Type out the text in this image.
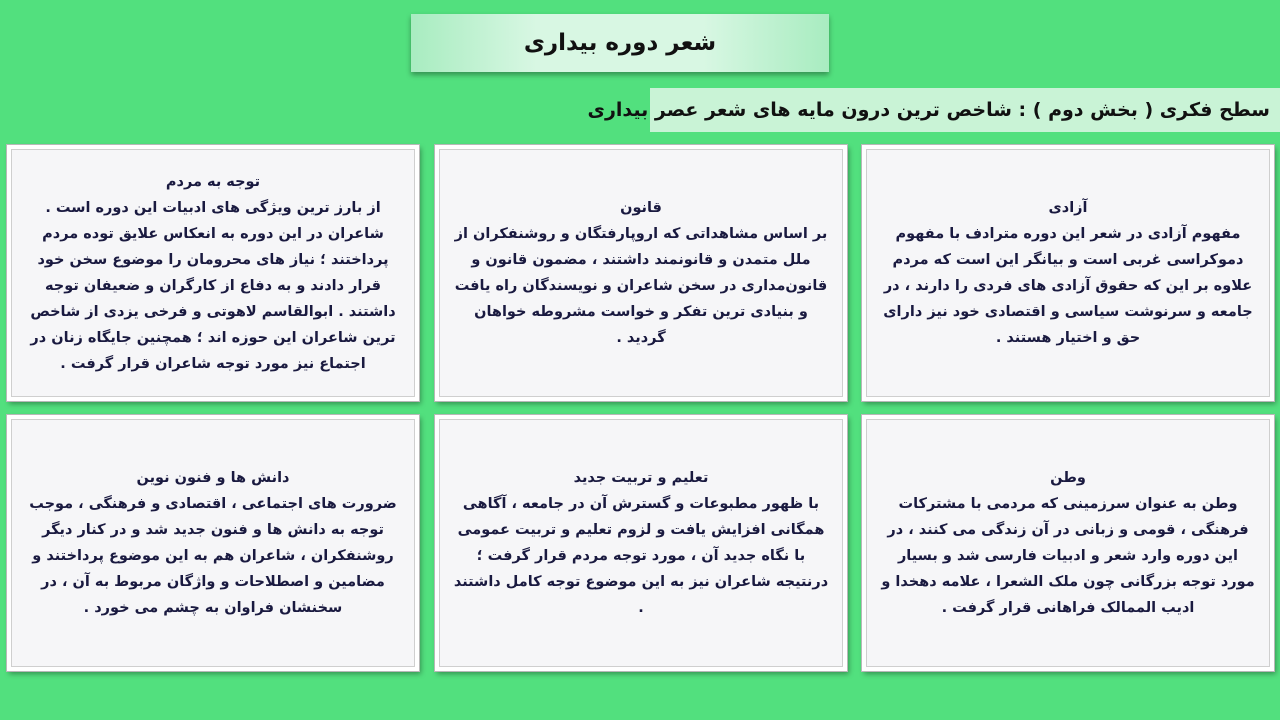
شعر دوره بیداری
سطح فکری ( بخش دوم ) : شاخص ترین درون مایه های شعر عصر بیداری

آزادی

مفهوم آزادی در شعر این دوره مترادف با مفهوم دموکراسی غربی است و بیانگر این است که مردم علاوه بر این که حقوق آزادی های فردی را دارند ، در جامعه و سرنوشت سیاسی و اقتصادی خود نیز دارای حق و اختیار هستند .

قانون

بر اساس مشاهداتی که اروپارفتگان و روشنفکران از ملل متمدن و قانونمند داشتند ، مضمون قانون و قانون‌مداری در سخن شاعران و نویسندگان راه یافت و بنیادی ترین تفکر و خواست مشروطه خواهان گردید .

توجه به مردم

از بارز ترین ویژگی های ادبیات این دوره است . شاعران در این دوره به انعکاس علایق توده مردم پرداختند ؛ نیاز های محرومان را موضوع سخن خود قرار دادند و به دفاع از کارگران و ضعیفان توجه داشتند . ابوالقاسم لاهوتی و فرخی یزدی از شاخص ترین شاعران این حوزه اند ؛ همچنین جایگاه زنان در اجتماع نیز مورد توجه شاعران قرار گرفت .

وطن

وطن به عنوان سرزمینی که مردمی با مشترکات فرهنگی ، قومی و زبانی در آن زندگی می کنند ، در این دوره وارد شعر و ادبیات فارسی شد و بسیار مورد توجه بزرگانی چون ملک الشعرا ، علامه دهخدا و ادیب الممالک فراهانی قرار گرفت .

تعلیم و تربیت جدید

با ظهور مطبوعات و گسترش آن در جامعه ، آگاهی همگانی افزایش یافت و لزوم تعلیم و تربیت عمومی با نگاه جدید آن ، مورد توجه مردم قرار گرفت ؛ درنتیجه شاعران نیز به این موضوع توجه کامل داشتند .

دانش ها و فنون نوین

ضرورت های اجتماعی ، اقتصادی و فرهنگی ، موجب توجه به دانش ها و فنون جدید شد و در کنار دیگر روشنفکران ، شاعران هم به این موضوع پرداختند و مضامین و اصطلاحات و واژگان مربوط به آن ، در سخنشان فراوان به چشم می خورد .
